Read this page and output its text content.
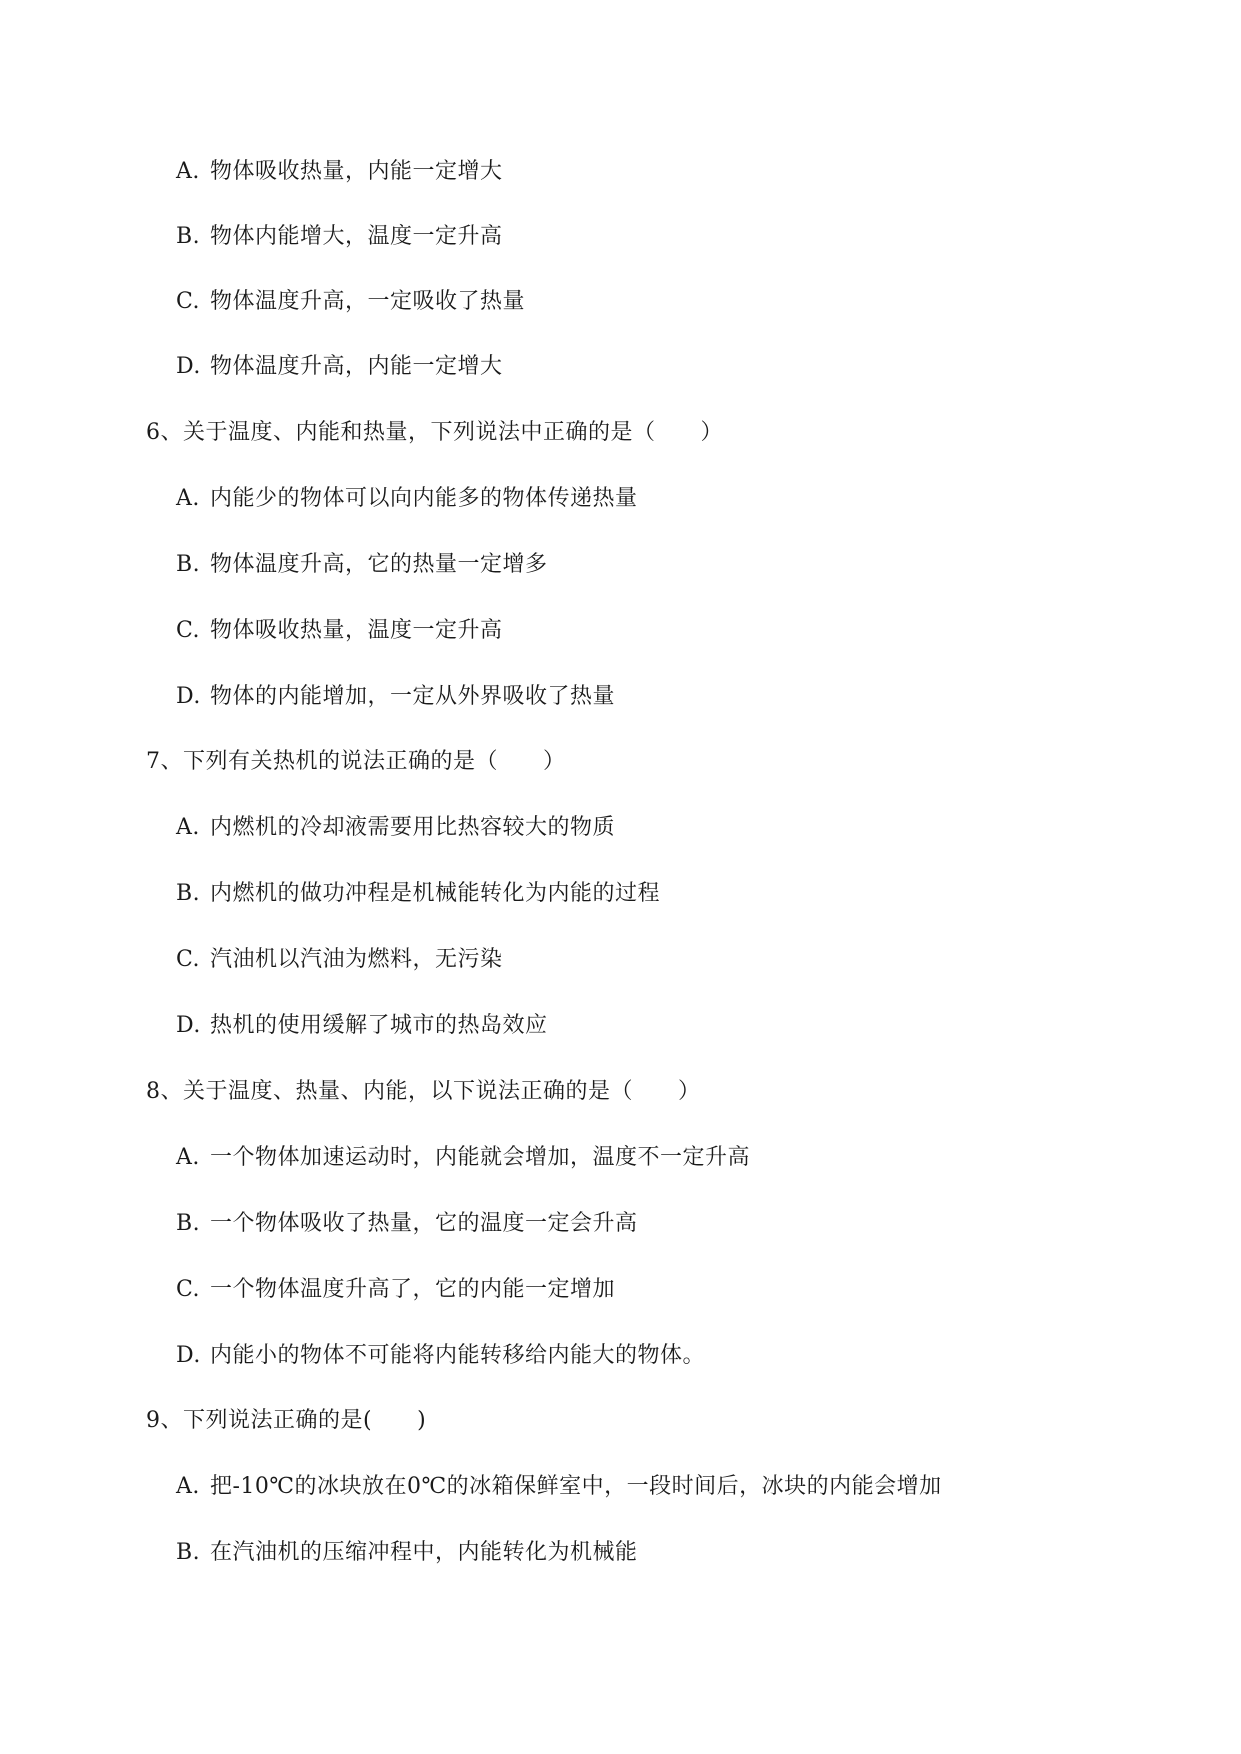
A. 物体吸收热量，内能一定增大
B. 物体内能增大，温度一定升高
C. 物体温度升高，一定吸收了热量
D. 物体温度升高，内能一定增大
6、关于温度、内能和热量，下列说法中正确的是（　　）
A. 内能少的物体可以向内能多的物体传递热量
B. 物体温度升高，它的热量一定增多
C. 物体吸收热量，温度一定升高
D. 物体的内能增加，一定从外界吸收了热量
7、下列有关热机的说法正确的是（　　）
A. 内燃机的冷却液需要用比热容较大的物质
B. 内燃机的做功冲程是机械能转化为内能的过程
C. 汽油机以汽油为燃料，无污染
D. 热机的使用缓解了城市的热岛效应
8、关于温度、热量、内能，以下说法正确的是（　　）
A. 一个物体加速运动时，内能就会增加，温度不一定升高
B. 一个物体吸收了热量，它的温度一定会升高
C. 一个物体温度升高了，它的内能一定增加
D. 内能小的物体不可能将内能转移给内能大的物体。
9、下列说法正确的是(　　)
A. 把-10℃的冰块放在0℃的冰箱保鲜室中，一段时间后，冰块的内能会增加
B. 在汽油机的压缩冲程中，内能转化为机械能
